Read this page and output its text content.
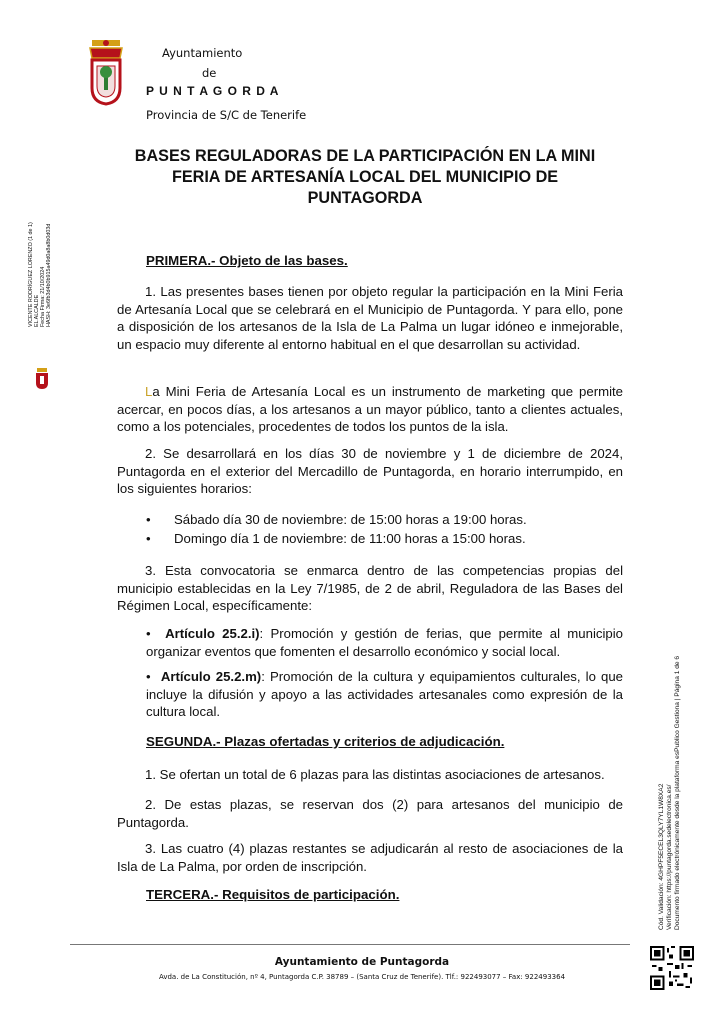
Ayuntamiento
de
P U N T A G O R D A
Provincia de S/C de Tenerife
VICENTE RODRÍGUEZ LORENZO (1 de 1) EL ALCALDE Fecha Firma: 21/10/2024 HASH: 3e6fb3d4b0b915a49d0a8a8b0d03d
BASES REGULADORAS DE LA PARTICIPACIÓN EN LA MINI
FERIA DE ARTESANÍA LOCAL DEL MUNICIPIO DE
PUNTAGORDA
PRIMERA.- Objeto de las bases.
1. Las presentes bases tienen por objeto regular la participación en la Mini Feria de Artesanía Local que se celebrará en el Municipio de Puntagorda. Y para ello, pone a disposición de los artesanos de la Isla de La Palma un lugar idóneo e inmejorable, un espacio muy diferente al entorno habitual en el que desarrollan su actividad.
La Mini Feria de Artesanía Local es un instrumento de marketing que permite acercar, en pocos días, a los artesanos a un mayor público, tanto a clientes actuales, como a los potenciales, procedentes de todos los puntos de la isla.
2. Se desarrollará en los días 30 de noviembre y 1 de diciembre de 2024, Puntagorda en el exterior del Mercadillo de Puntagorda, en horario interrumpido, en los siguientes horarios:
• Sábado día 30 de noviembre: de 15:00 horas a 19:00 horas.
• Domingo día 1 de noviembre: de 11:00 horas a 15:00 horas.
3. Esta convocatoria se enmarca dentro de las competencias propias del municipio establecidas en la Ley 7/1985, de 2 de abril, Reguladora de las Bases del Régimen Local, específicamente:
• Artículo 25.2.i): Promoción y gestión de ferias, que permite al municipio organizar eventos que fomenten el desarrollo económico y social local.
• Artículo 25.2.m): Promoción de la cultura y equipamientos culturales, lo que incluye la difusión y apoyo a las actividades artesanales como expresión de la cultura local.
SEGUNDA.- Plazas ofertadas y criterios de adjudicación.
1. Se ofertan un total de 6 plazas para las distintas asociaciones de artesanos.
2. De estas plazas, se reservan dos (2) para artesanos del municipio de Puntagorda.
3. Las cuatro (4) plazas restantes se adjudicarán al resto de asociaciones de la Isla de La Palma, por orden de inscripción.
TERCERA.- Requisitos de participación.	Cód. Validación: 4GHPF5ECEL3QLY7YL1W8XA2 Verificación: https://puntagorda.sedelectronica.es/ Documento firmado electrónicamente desde la plataforma esPublico Gestiona | Página 1 de 6
Ayuntamiento de Puntagorda
Avda. de La Constitución, nº 4, Puntagorda C.P. 38789 – (Santa Cruz de Tenerife). Tlf.: 922493077 – Fax: 922493364
